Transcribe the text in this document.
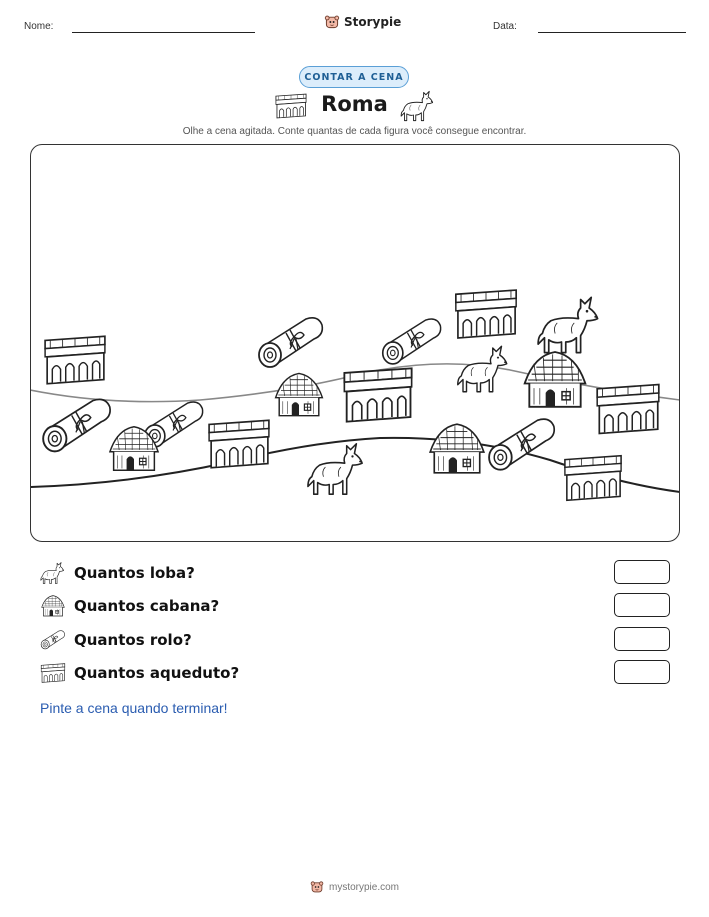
Nome:	Storypie	Data:
CONTAR A CENA
Roma
Olhe a cena agitada. Conte quantas de cada figura você consegue encontrar.
Quantos loba?
Quantos cabana?
Quantos rolo?
Quantos aqueduto?
Pinte a cena quando terminar!
mystorypie.com
